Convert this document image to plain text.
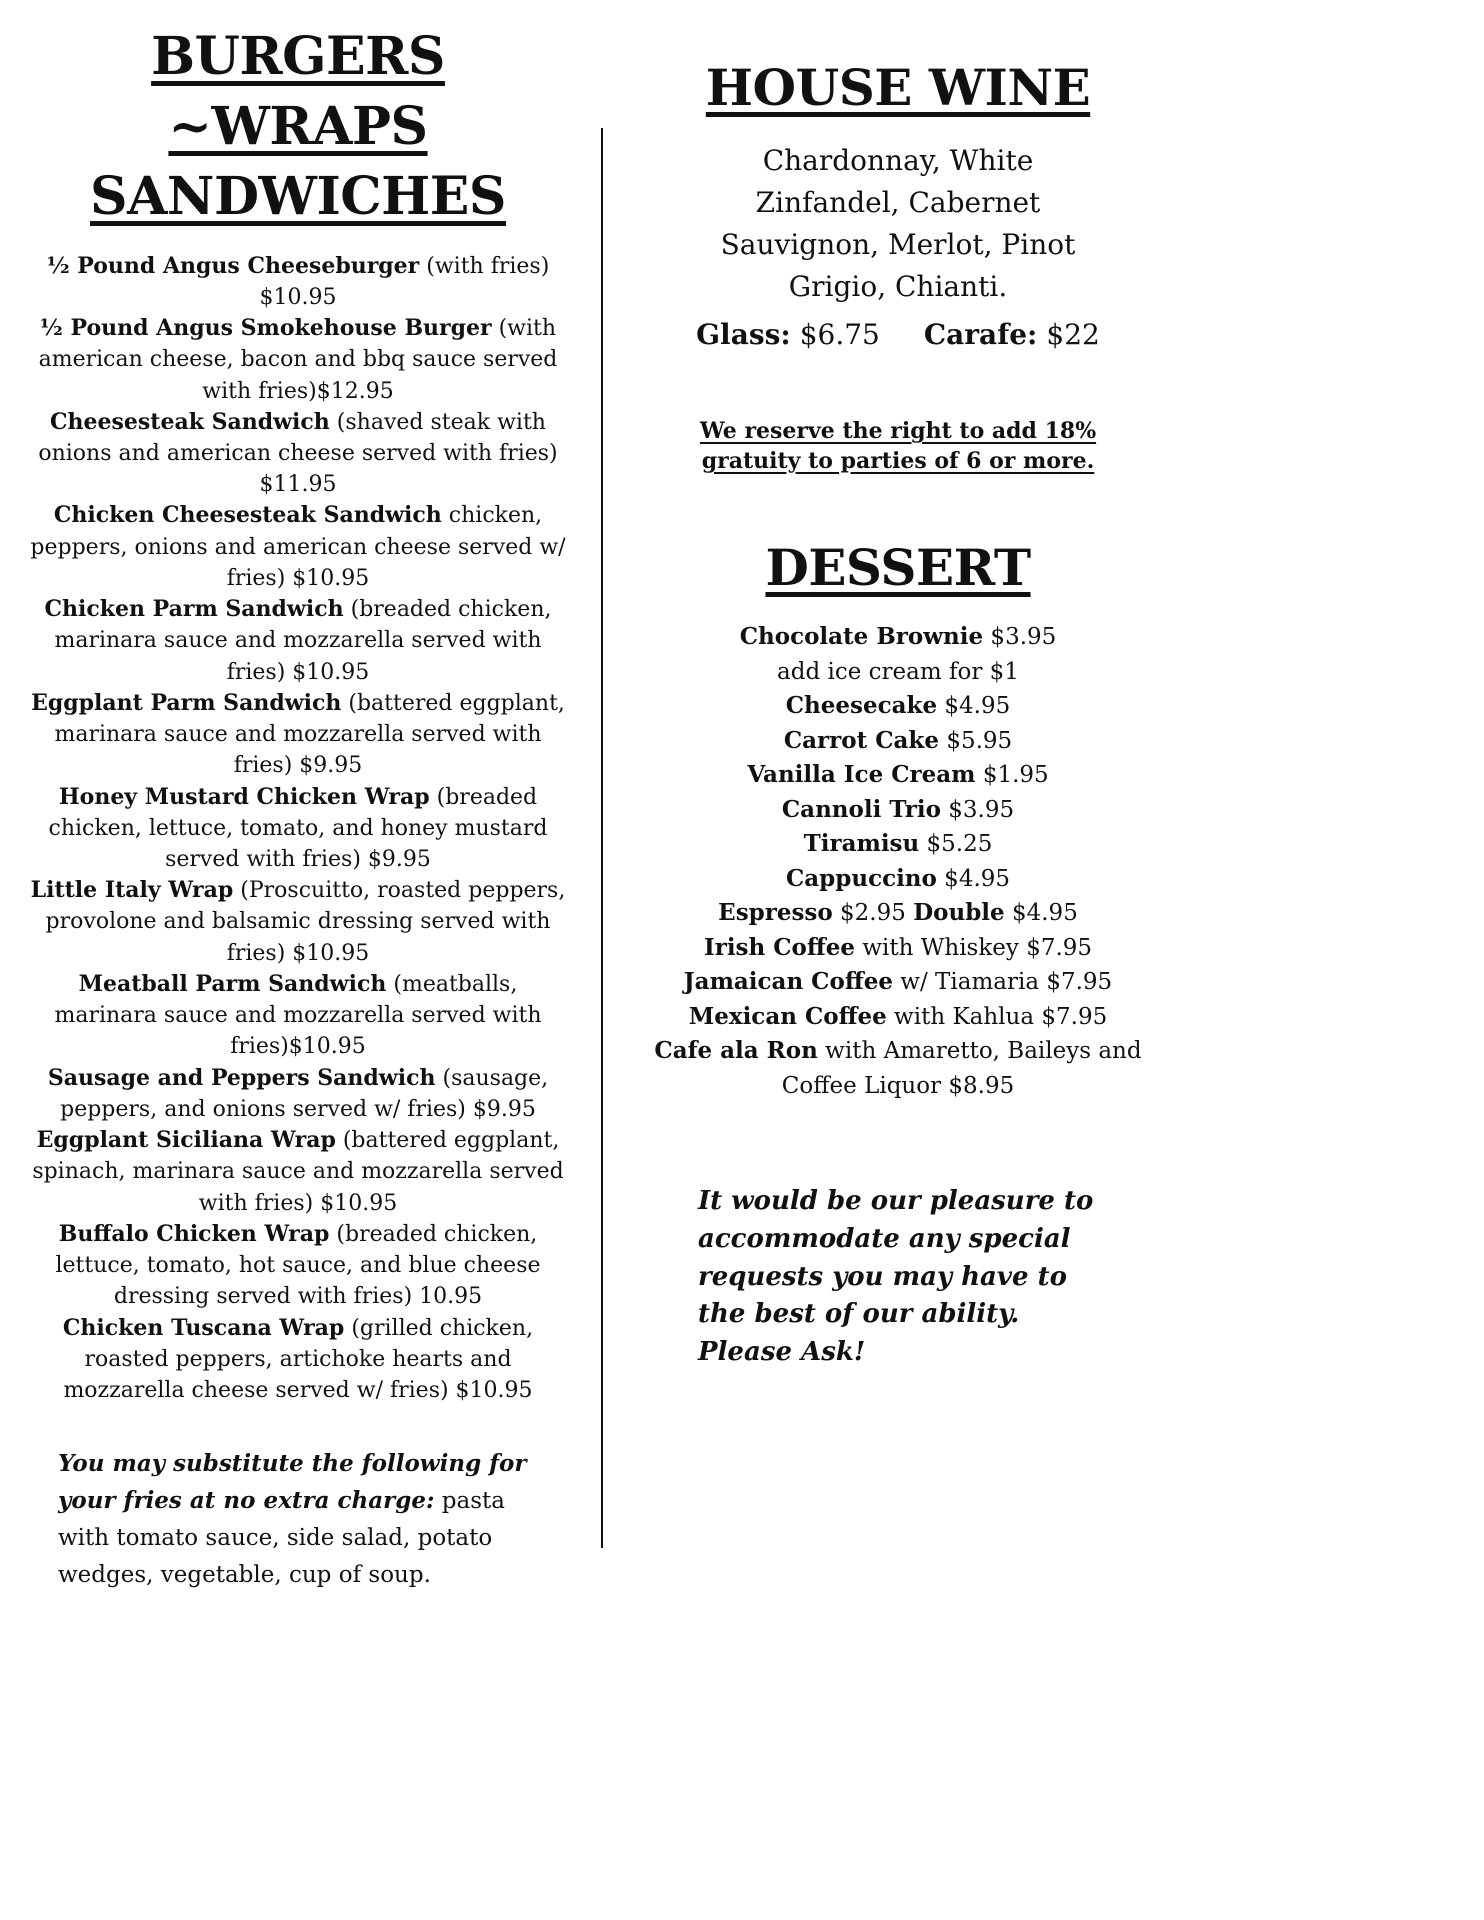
BURGERS ~WRAPS
SANDWICHES

½ Pound Angus Cheeseburger (with fries) $10.95

½ Pound Angus Smokehouse Burger (with american cheese, bacon and bbq sauce served with fries)$12.95

Cheesesteak Sandwich (shaved steak with onions and american cheese served with fries) $11.95

Chicken Cheesesteak Sandwich chicken, peppers, onions and american cheese served w/ fries) $10.95

Chicken Parm Sandwich (breaded chicken, marinara sauce and mozzarella served with fries) $10.95

Eggplant Parm Sandwich (battered eggplant, marinara sauce and mozzarella served with fries) $9.95

Honey Mustard Chicken Wrap (breaded chicken, lettuce, tomato, and honey mustard served with fries) $9.95

Little Italy Wrap (Proscuitto, roasted peppers, provolone and balsamic dressing served with fries) $10.95

Meatball Parm Sandwich (meatballs, marinara sauce and mozzarella served with fries)$10.95

Sausage and Peppers Sandwich (sausage, peppers, and onions served w/ fries) $9.95

Eggplant Siciliana Wrap (battered eggplant, spinach, marinara sauce and mozzarella served with fries) $10.95

Buffalo Chicken Wrap (breaded chicken, lettuce, tomato, hot sauce, and blue cheese dressing served with fries) 10.95

Chicken Tuscana Wrap (grilled chicken, roasted peppers, artichoke hearts and mozzarella cheese served w/ fries) $10.95

You may substitute the following for your fries at no extra charge: pasta with tomato sauce, side salad, potato wedges, vegetable, cup of soup.

HOUSE WINE

Chardonnay, White Zinfandel, Cabernet Sauvignon, Merlot, Pinot Grigio, Chianti.

Glass: $6.75 Carafe: $22

We reserve the right to add 18% gratuity to parties of 6 or more.

DESSERT

Chocolate Brownie $3.95

add ice cream for $1

Cheesecake $4.95

Carrot Cake $5.95

Vanilla Ice Cream $1.95

Cannoli Trio $3.95

Tiramisu $5.25

Cappuccino $4.95

Espresso $2.95 Double $4.95

Irish Coffee with Whiskey $7.95

Jamaican Coffee w/ Tiamaria $7.95

Mexican Coffee with Kahlua $7.95

Cafe ala Ron with Amaretto, Baileys and Coffee Liquor $8.95

It would be our pleasure to accommodate any special requests you may have to the best of our ability. Please Ask!
